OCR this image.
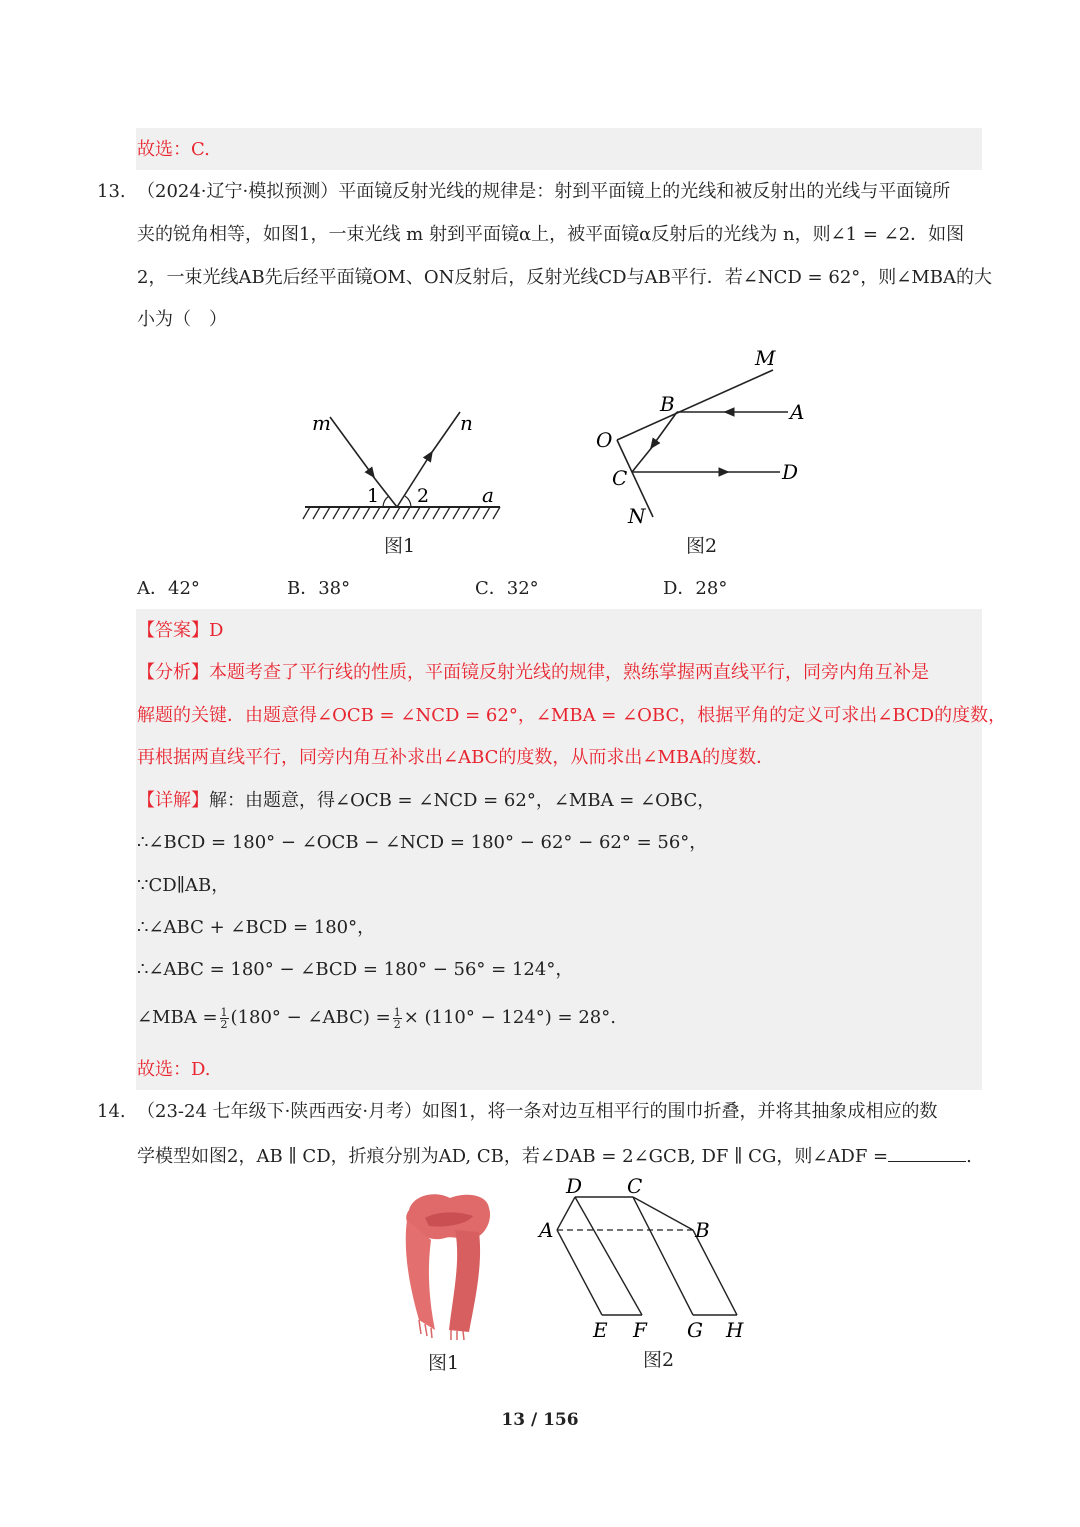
故选：C.
13. （2024·辽宁·模拟预测）平面镜反射光线的规律是：射到平面镜上的光线和被反射出的光线与平面镜所
夹的锐角相等，如图1，一束光线 m 射到平面镜α上，被平面镜α反射后的光线为 n，则∠1 = ∠2．如图
2，一束光线AB先后经平面镜OM、ON反射后，反射光线CD与AB平行．若∠NCD = 62°，则∠MBA的大
小为（　）
m	n
1 2	a
图1
M
B	A
O
C	D
N
图2
A．42°	B．38°	C．32°	D．28°
【答案】D
【分析】本题考查了平行线的性质，平面镜反射光线的规律，熟练掌握两直线平行，同旁内角互补是
解题的关键．由题意得∠OCB = ∠NCD = 62°，∠MBA = ∠OBC，根据平角的定义可求出∠BCD的度数，
再根据两直线平行，同旁内角互补求出∠ABC的度数，从而求出∠MBA的度数．
【详解】解：由题意，得∠OCB = ∠NCD = 62°，∠MBA = ∠OBC，
∴∠BCD = 180° − ∠OCB − ∠NCD = 180° − 62° − 62° = 56°，
∵CD∥AB，
∴∠ABC + ∠BCD = 180°，
∴∠ABC = 180° − ∠BCD = 180° − 56° = 124°，
∠MBA = $\frac{1}{2} (180^\circ$ − ∠ABC) = $\frac{1}{2} \times (110^\circ - 124^\circ) = 28^\circ$.
故选：D.
14. （23-24 七年级下·陕西西安·月考）如图1，将一条对边互相平行的围巾折叠，并将其抽象成相应的数
学模型如图2，AB ∥ CD，折痕分别为AD, CB，若∠DAB = 2∠GCB, DF ∥ CG，则∠ADF =	.
图1
D C
A	B
E F G H
图2
13 / 156
